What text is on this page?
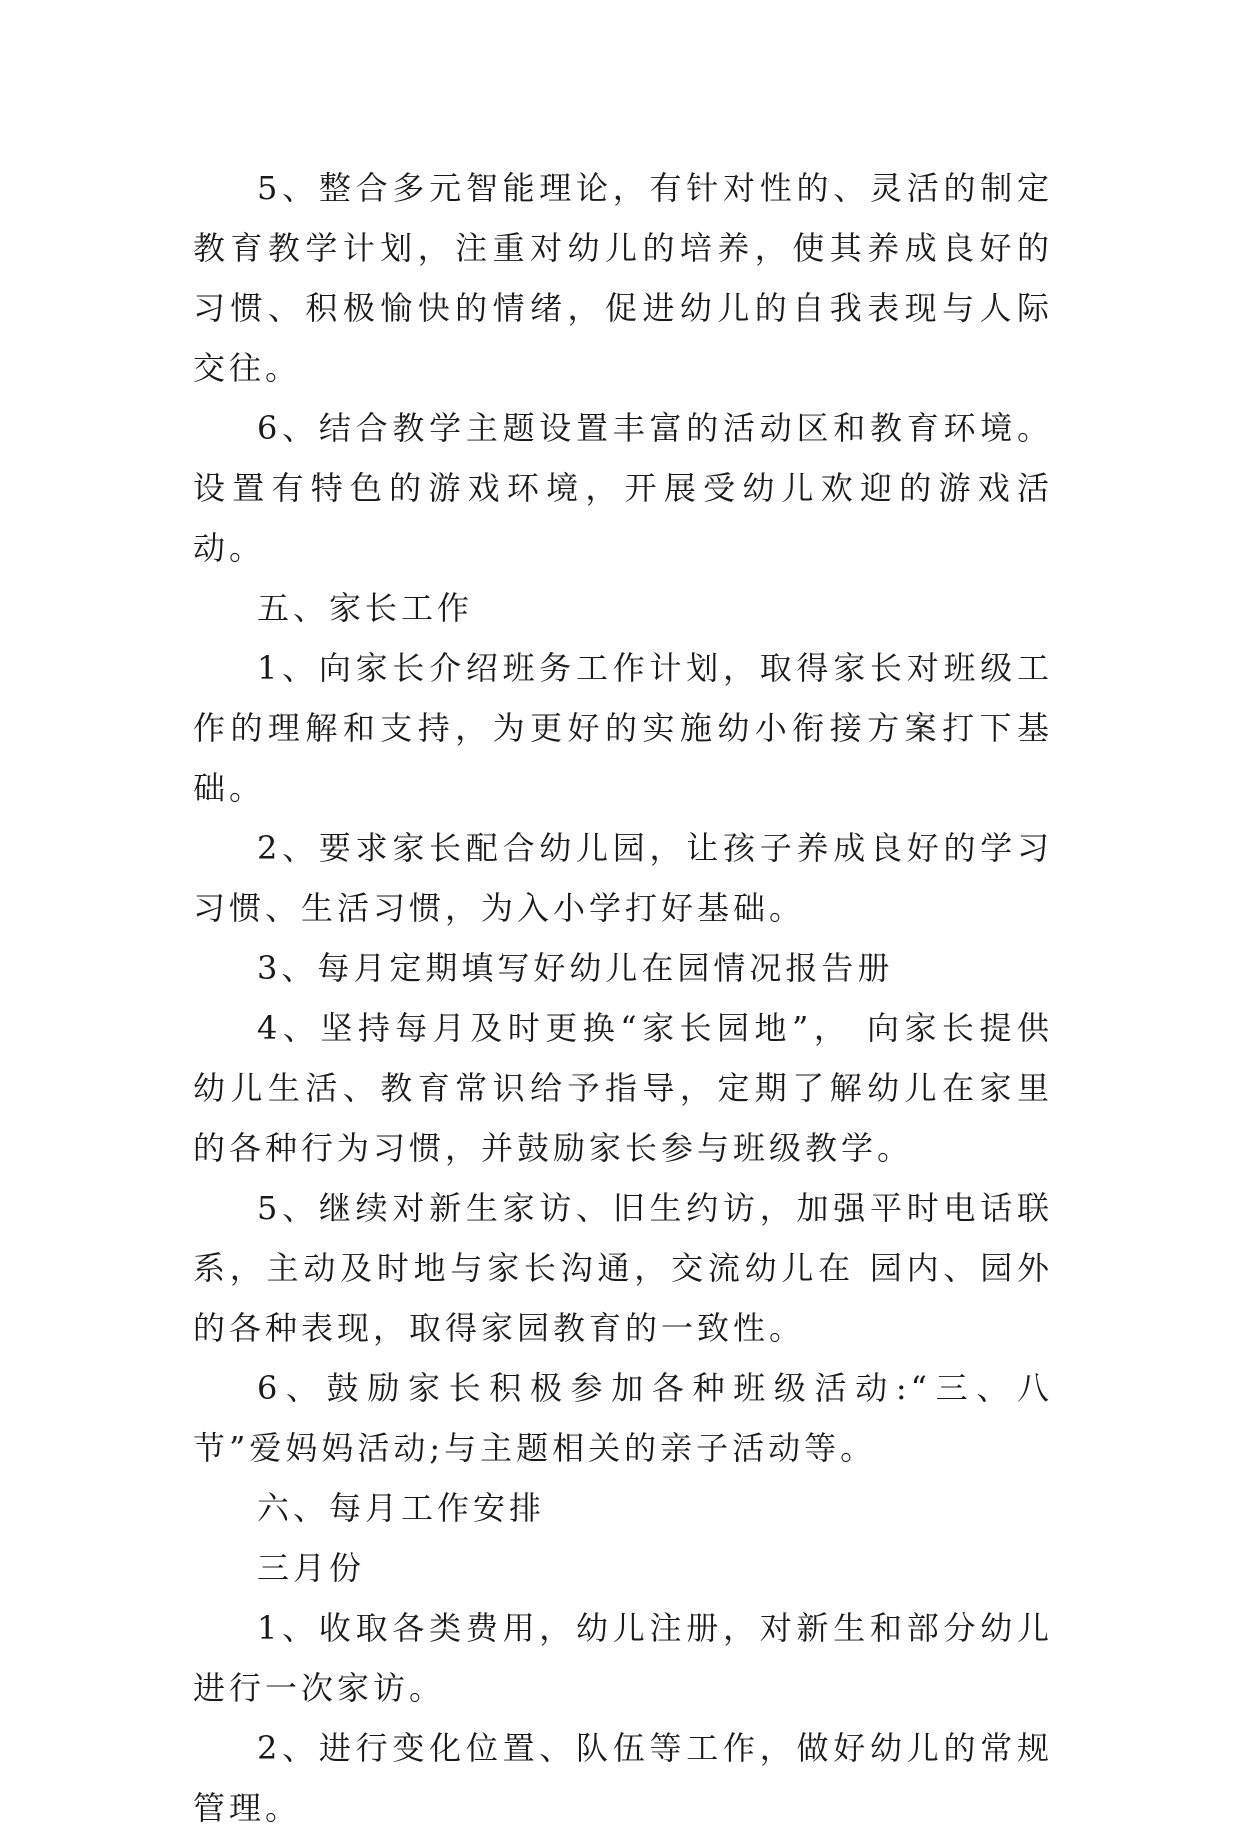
5、整合多元智能理论，有针对性的、灵活的制定教育教学计划，注重对幼儿的培养，使其养成良好的习惯、积极愉快的情绪，促进幼儿的自我表现与人际交往。

6、结合教学主题设置丰富的活动区和教育环境。设置有特色的游戏环境，开展受幼儿欢迎的游戏活动。

五、家长工作

1、向家长介绍班务工作计划，取得家长对班级工作的理解和支持，为更好的实施幼小衔接方案打下基础。

2、要求家长配合幼儿园，让孩子养成良好的学习习惯、生活习惯，为入小学打好基础。

3、每月定期填写好幼儿在园情况报告册

4、坚持每月及时更换“家长园地”， 向家长提供幼儿生活、教育常识给予指导，定期了解幼儿在家里的各种行为习惯，并鼓励家长参与班级教学。

5、继续对新生家访、旧生约访，加强平时电话联系，主动及时地与家长沟通，交流幼儿在 园内、园外的各种表现，取得家园教育的一致性。

6、鼓励家长积极参加各种班级活动:“三、八节”爱妈妈活动;与主题相关的亲子活动等。

六、每月工作安排

三月份

1、收取各类费用，幼儿注册，对新生和部分幼儿进行一次家访。

2、进行变化位置、队伍等工作，做好幼儿的常规管理。
